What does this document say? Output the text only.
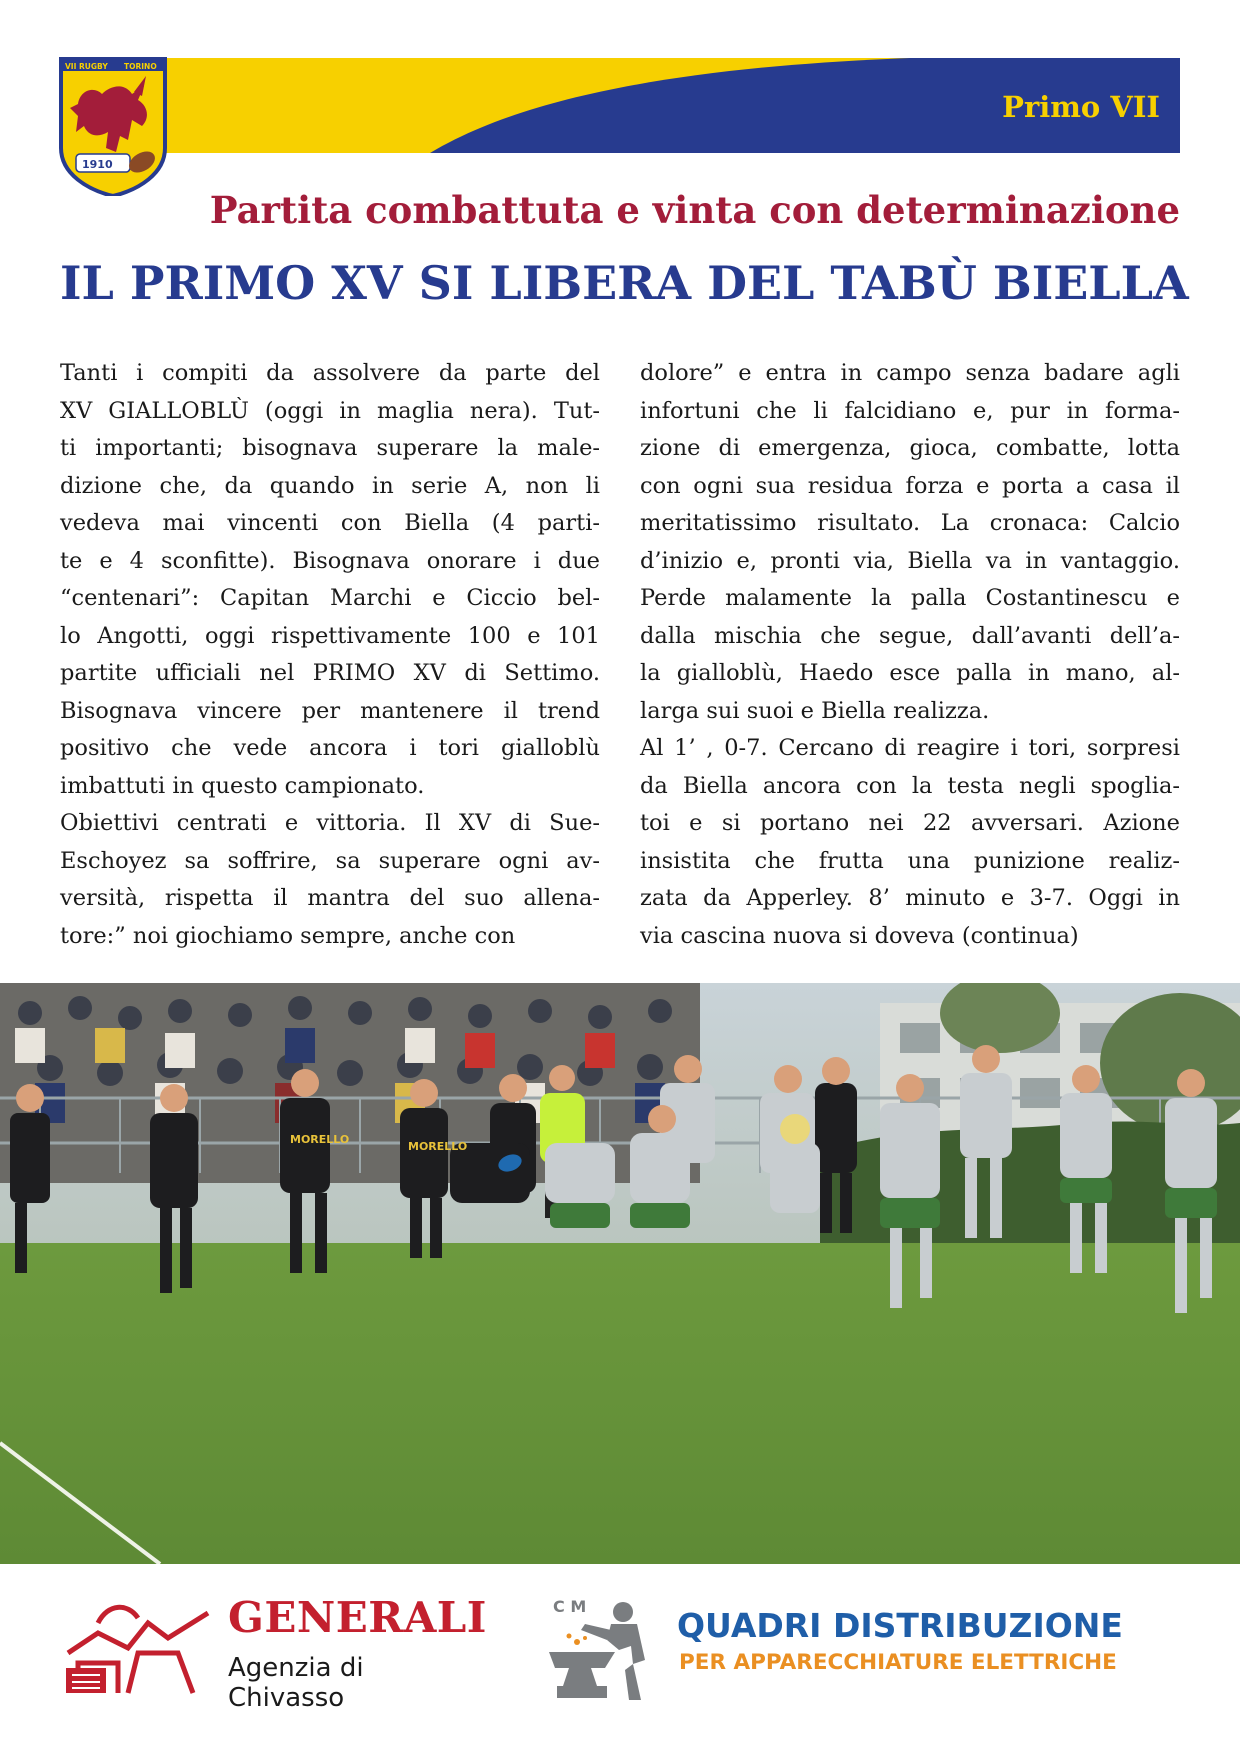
VII RUGBY TORINO
1910
Primo VII
Partita combattuta e vinta con determinazione
IL PRIMO XV SI LIBERA DEL TABÙ BIELLA
Tanti i compiti da assolvere da parte del
XV GIALLOBLÙ (oggi in maglia nera). Tut-
ti importanti; bisognava superare la male-
dizione che, da quando in serie A, non li
vedeva mai vincenti con Biella (4 parti-
te e 4 sconfitte). Bisognava onorare i due
“centenari”: Capitan Marchi e Ciccio bel-
lo Angotti, oggi rispettivamente 100 e 101
partite ufficiali nel PRIMO XV di Settimo.
Bisognava vincere per mantenere il trend
positivo che vede ancora i tori gialloblù
imbattuti in questo campionato.
Obiettivi centrati e vittoria. Il XV di Sue-
Eschoyez sa soffrire, sa superare ogni av-
versità, rispetta il mantra del suo allena-
tore:” noi giochiamo sempre, anche con
dolore” e entra in campo senza badare agli
infortuni che li falcidiano e, pur in forma-
zione di emergenza, gioca, combatte, lotta
con ogni sua residua forza e porta a casa il
meritatissimo risultato. La cronaca: Calcio
d’inizio e, pronti via, Biella va in vantaggio.
Perde malamente la palla Costantinescu e
dalla mischia che segue, dall’avanti dell’a-
la gialloblù, Haedo esce palla in mano, al-
larga sui suoi e Biella realizza.
Al 1’ , 0-7. Cercano di reagire i tori, sorpresi
da Biella ancora con la testa negli spoglia-
toi e si portano nei 22 avversari. Azione
insistita che frutta una punizione realiz-
zata da Apperley. 8’ minuto e 3-7. Oggi in
via cascina nuova si doveva (continua)
MORELLO
MORELLO
GENERALI
Agenzia di Chivasso
C M	QUADRI DISTRIBUZIONE
PER APPARECCHIATURE ELETTRICHE
